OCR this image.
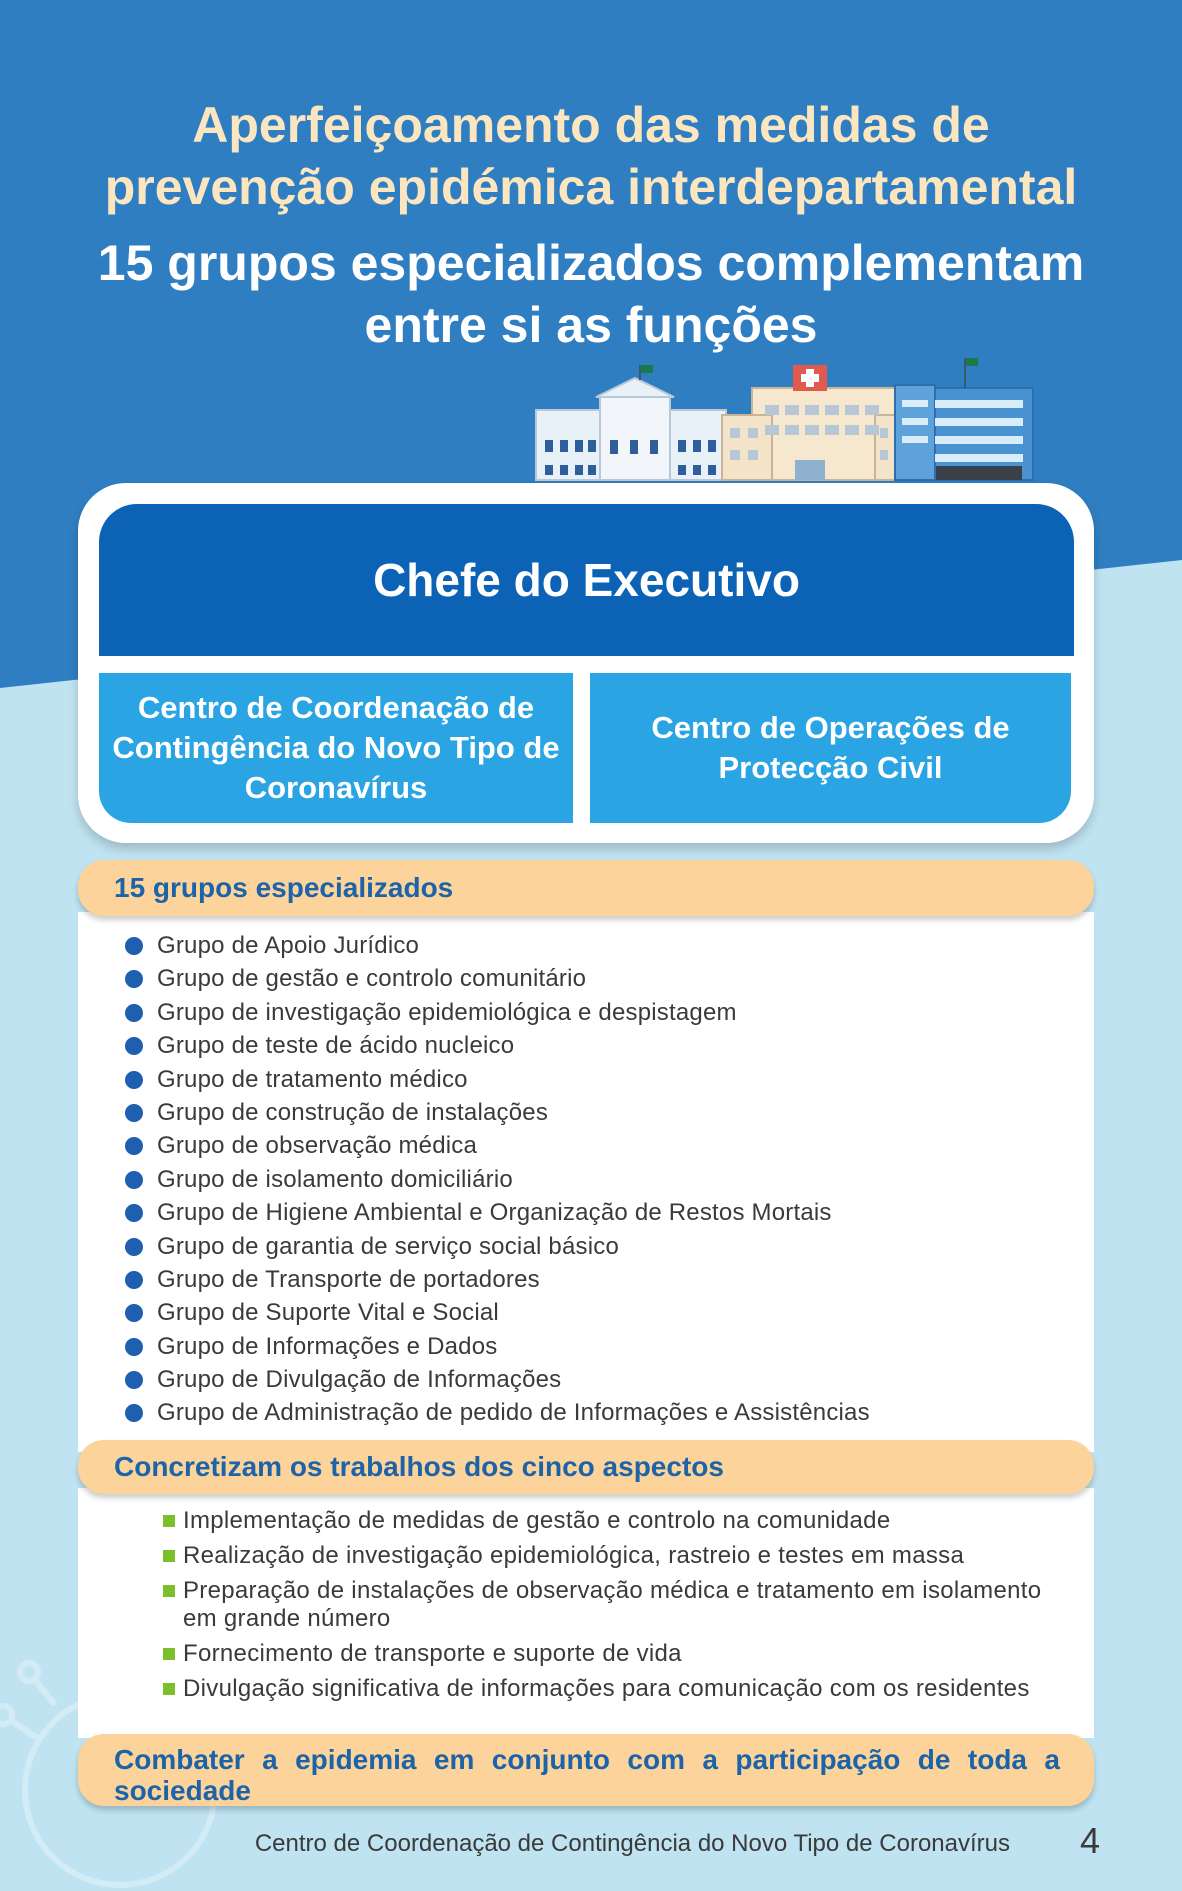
Aperfeiçoamento das medidas de
prevenção epidémica interdepartamental
15 grupos especializados complementam
entre si as funções
Chefe do Executivo
Centro de Coordenação de Contingência do Novo Tipo de Coronavírus
Centro de Operações de Protecção Civil
15 grupos especializados
Grupo de Apoio Jurídico
Grupo de gestão e controlo comunitário
Grupo de investigação epidemiológica e despistagem
Grupo de teste de ácido nucleico
Grupo de tratamento médico
Grupo de construção de instalações
Grupo de observação médica
Grupo de isolamento domiciliário
Grupo de Higiene Ambiental e Organização de Restos Mortais
Grupo de garantia de serviço social básico
Grupo de Transporte de portadores
Grupo de Suporte Vital e Social
Grupo de Informações e Dados
Grupo de Divulgação de Informações
Grupo de Administração de pedido de Informações e Assistências
Concretizam os trabalhos dos cinco aspectos
Implementação de medidas de gestão e controlo na comunidade
Realização de investigação epidemiológica, rastreio e testes em massa
Preparação de instalações de observação médica e tratamento em isolamento em grande número
Fornecimento de transporte e suporte de vida
Divulgação significativa de informações para comunicação com os residentes
Combater a epidemia em conjunto com a participação de toda a sociedade
Centro de Coordenação de Contingência do Novo Tipo de Coronavírus 4
